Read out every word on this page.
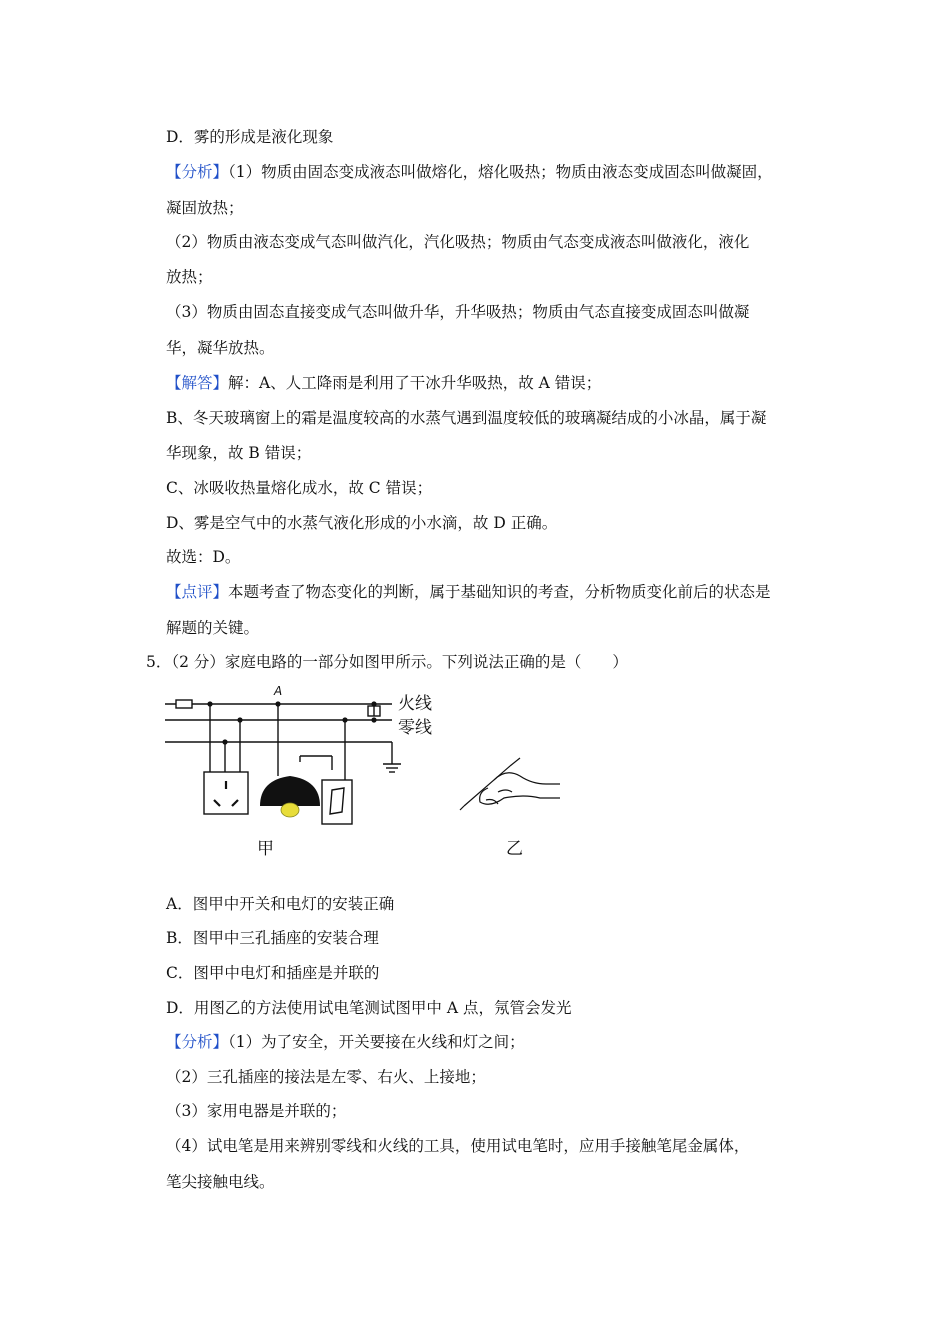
D．雾的形成是液化现象
【分析】（1）物质由固态变成液态叫做熔化，熔化吸热；物质由液态变成固态叫做凝固，
凝固放热；
（2）物质由液态变成气态叫做汽化，汽化吸热；物质由气态变成液态叫做液化，液化
放热；
（3）物质由固态直接变成气态叫做升华，升华吸热；物质由气态直接变成固态叫做凝
华，凝华放热。
【解答】解：A、人工降雨是利用了干冰升华吸热，故 A 错误；
B、冬天玻璃窗上的霜是温度较高的水蒸气遇到温度较低的玻璃凝结成的小冰晶，属于凝
华现象，故 B 错误；
C、冰吸收热量熔化成水，故 C 错误；
D、雾是空气中的水蒸气液化形成的小水滴，故 D 正确。
故选：D。
【点评】本题考查了物态变化的判断，属于基础知识的考查，分析物质变化前后的状态是
解题的关键。
5．（2 分）家庭电路的一部分如图甲所示。下列说法正确的是（　　）
A
火线
零线
甲	乙
A．图甲中开关和电灯的安装正确
B．图甲中三孔插座的安装合理
C．图甲中电灯和插座是并联的
D．用图乙的方法使用试电笔测试图甲中 A 点，氖管会发光
【分析】（1）为了安全，开关要接在火线和灯之间；
（2）三孔插座的接法是左零、右火、上接地；
（3）家用电器是并联的；
（4）试电笔是用来辨别零线和火线的工具，使用试电笔时，应用手接触笔尾金属体，
笔尖接触电线。
